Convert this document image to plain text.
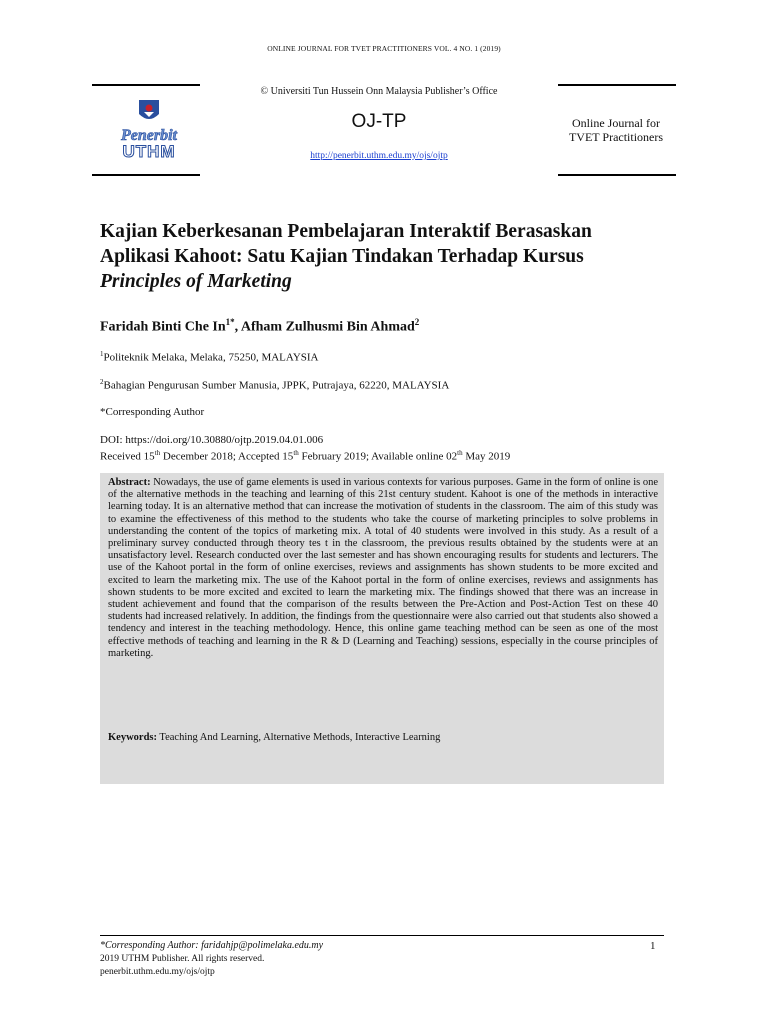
ONLINE JOURNAL FOR TVET PRACTITIONERS VOL. 4 NO. 1 (2019)
Penerbit
UTHM
© Universiti Tun Hussein Onn Malaysia Publisher’s Office
OJ-TP
http://penerbit.uthm.edu.my/ojs/ojtp
Online Journal for
TVET Practitioners
Kajian Keberkesanan Pembelajaran Interaktif Berasaskan
Aplikasi Kahoot: Satu Kajian Tindakan Terhadap Kursus
Principles of Marketing
Faridah Binti Che $In^{1*}$, Afham Zulhusmi Bin Ahmad$^2$
$^1$Politeknik Melaka, Melaka, 75250, MALAYSIA
$^2$Bahagian Pengurusan Sumber Manusia, JPPK, Putrajaya, 62220, MALAYSIA
*Corresponding Author
DOI: https://doi.org/10.30880/ojtp.2019.04.01.006
Received 15th December 2018; Accepted 15th February 2019; Available online 02th May 2019
Abstract: Nowadays, the use of game elements is used in various contexts for various purposes. Game in the form of online is one of the alternative methods in the teaching and learning of this 21st century student. Kahoot is one of the methods in interactive learning today. It is an alternative method that can increase the motivation of students in the classroom. The aim of this study was to examine the effectiveness of this method to the students who take the course of marketing principles to solve problems in understanding the content of the topics of marketing mix. A total of 40 students were involved in this study. As a result of a preliminary survey conducted through theory tes t in the classroom, the previous results obtained by the students were at an unsatisfactory level. Research conducted over the last semester and has shown encouraging results for students and lecturers. The use of the Kahoot portal in the form of online exercises, reviews and assignments has shown students to be more excited and excited to learn the marketing mix. The use of the Kahoot portal in the form of online exercises, reviews and assignments has shown students to be more excited and excited to learn the marketing mix. The findings showed that there was an increase in student achievement and found that the comparison of the results between the Pre-Action and Post-Action Test on these 40 students had increased relatively. In addition, the findings from the questionnaire were also carried out that students also showed a tendency and interest in the teaching methodology. Hence, this online game teaching method can be seen as one of the most effective methods of teaching and learning in the R & D (Learning and Teaching) sessions, especially in the course principles of marketing.
Keywords: Teaching And Learning, Alternative Methods, Interactive Learning
*Corresponding Author: faridahjp@polimelaka.edu.my	1
2019 UTHM Publisher. All rights reserved.
penerbit.uthm.edu.my/ojs/ojtp
